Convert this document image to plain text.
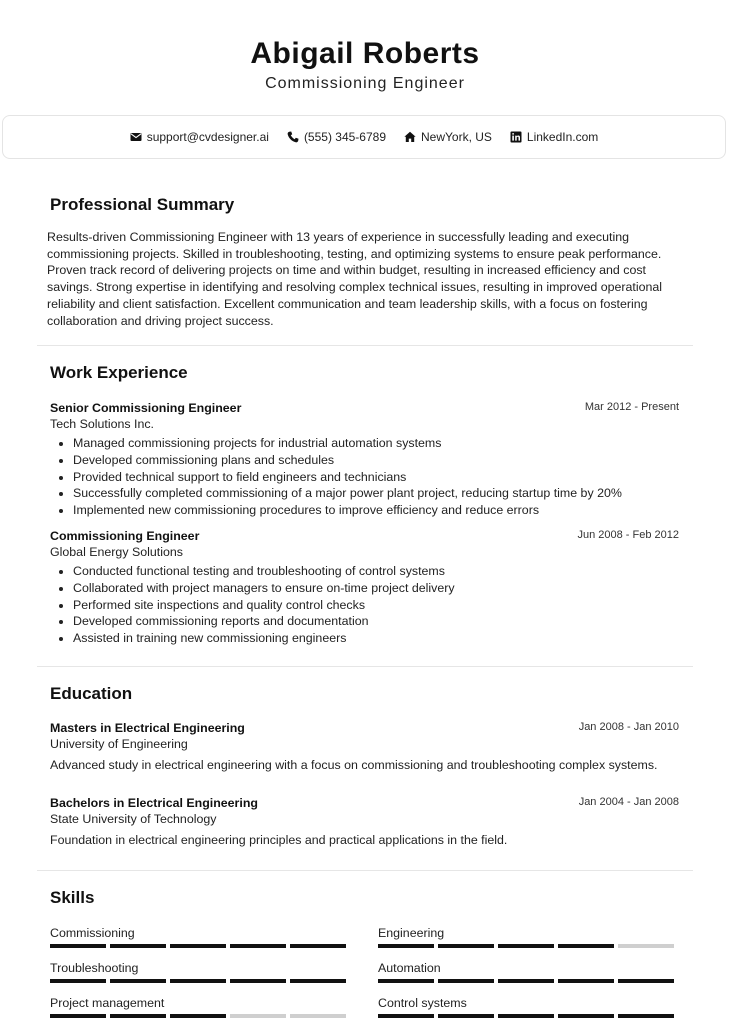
Abigail Roberts
Commissioning Engineer
support@cvdesigner.ai	(555) 345-6789	NewYork, US	LinkedIn.com
Professional Summary
Results-driven Commissioning Engineer with 13 years of experience in successfully leading and executing commissioning projects. Skilled in troubleshooting, testing, and optimizing systems to ensure peak performance. Proven track record of delivering projects on time and within budget, resulting in increased efficiency and cost savings. Strong expertise in identifying and resolving complex technical issues, resulting in improved operational reliability and client satisfaction. Excellent communication and team leadership skills, with a focus on fostering collaboration and driving project success.
Work Experience
Senior Commissioning Engineer	Mar 2012 - Present
Tech Solutions Inc.
• Managed commissioning projects for industrial automation systems
• Developed commissioning plans and schedules
• Provided technical support to field engineers and technicians
• Successfully completed commissioning of a major power plant project, reducing startup time by 20%
• Implemented new commissioning procedures to improve efficiency and reduce errors
Commissioning Engineer	Jun 2008 - Feb 2012
Global Energy Solutions
• Conducted functional testing and troubleshooting of control systems
• Collaborated with project managers to ensure on-time project delivery
• Performed site inspections and quality control checks
• Developed commissioning reports and documentation
• Assisted in training new commissioning engineers
Education
Masters in Electrical Engineering	Jan 2008 - Jan 2010
University of Engineering
Advanced study in electrical engineering with a focus on commissioning and troubleshooting complex systems.
Bachelors in Electrical Engineering	Jan 2004 - Jan 2008
State University of Technology
Foundation in electrical engineering principles and practical applications in the field.
Skills
Commissioning	Engineering
Troubleshooting	Automation
Project management	Control systems
